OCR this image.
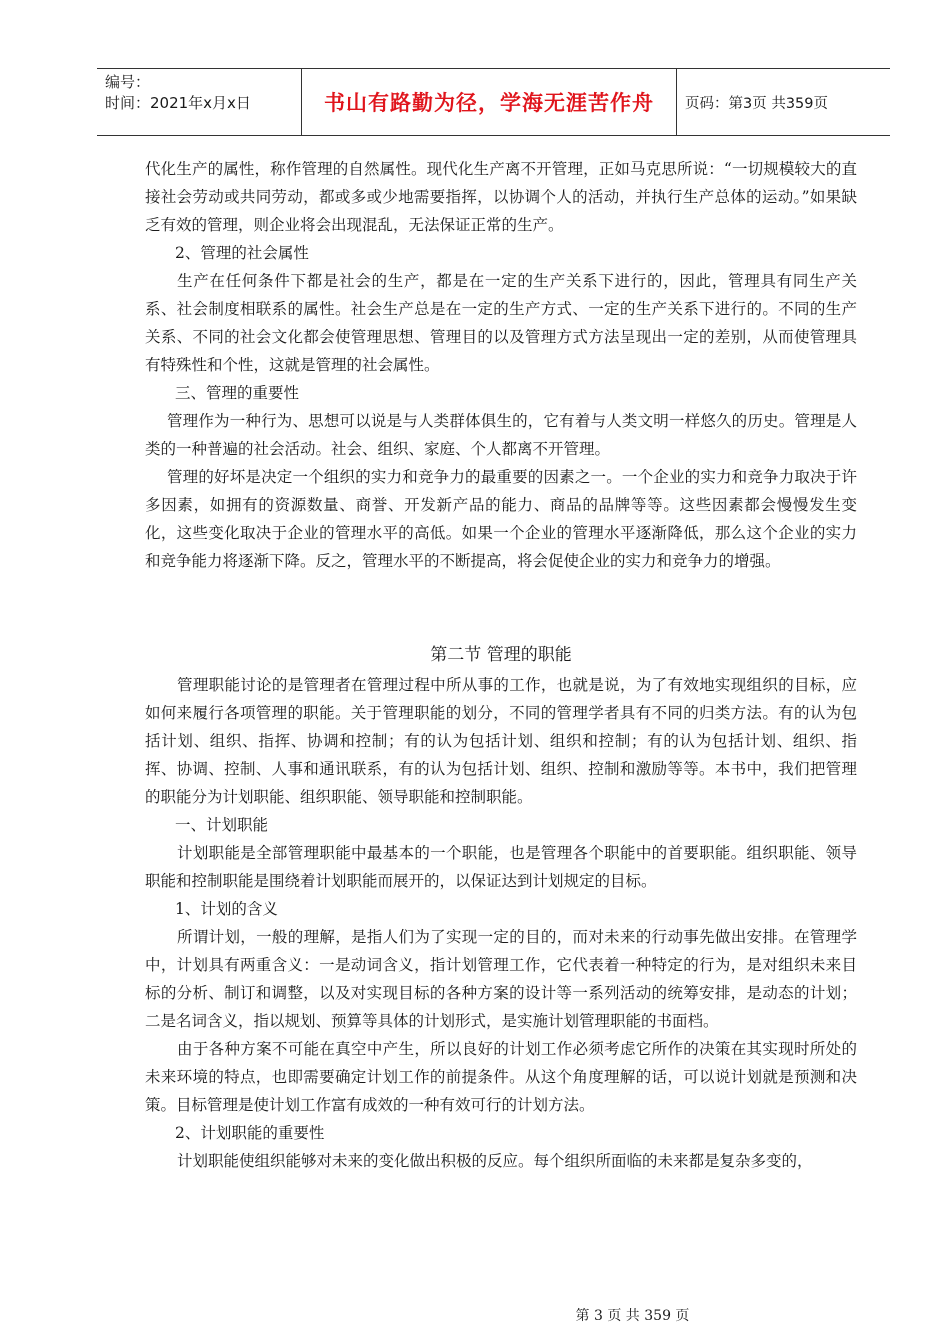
编号：
时间：2021年x月x日	书山有路勤为径，学海无涯苦作舟	页码：第3页 共359页

代化生产的属性，称作管理的自然属性。现代化生产离不开管理，正如马克思所说：“一切规模较大的直接社会劳动或共同劳动，都或多或少地需要指挥，以协调个人的活动，并执行生产总体的运动。”如果缺乏有效的管理，则企业将会出现混乱，无法保证正常的生产。

2、管理的社会属性

生产在任何条件下都是社会的生产，都是在一定的生产关系下进行的，因此，管理具有同生产关系、社会制度相联系的属性。社会生产总是在一定的生产方式、一定的生产关系下进行的。不同的生产关系、不同的社会文化都会使管理思想、管理目的以及管理方式方法呈现出一定的差别，从而使管理具有特殊性和个性，这就是管理的社会属性。

三、管理的重要性

管理作为一种行为、思想可以说是与人类群体俱生的，它有着与人类文明一样悠久的历史。管理是人类的一种普遍的社会活动。社会、组织、家庭、个人都离不开管理。

管理的好坏是决定一个组织的实力和竞争力的最重要的因素之一。一个企业的实力和竞争力取决于许多因素，如拥有的资源数量、商誉、开发新产品的能力、商品的品牌等等。这些因素都会慢慢发生变化，这些变化取决于企业的管理水平的高低。如果一个企业的管理水平逐渐降低，那么这个企业的实力和竞争能力将逐渐下降。反之，管理水平的不断提高，将会促使企业的实力和竞争力的增强。

第二节 管理的职能

管理职能讨论的是管理者在管理过程中所从事的工作，也就是说，为了有效地实现组织的目标，应如何来履行各项管理的职能。关于管理职能的划分，不同的管理学者具有不同的归类方法。有的认为包括计划、组织、指挥、协调和控制；有的认为包括计划、组织和控制；有的认为包括计划、组织、指挥、协调、控制、人事和通讯联系，有的认为包括计划、组织、控制和激励等等。本书中，我们把管理的职能分为计划职能、组织职能、领导职能和控制职能。

一、计划职能

计划职能是全部管理职能中最基本的一个职能，也是管理各个职能中的首要职能。组织职能、领导职能和控制职能是围绕着计划职能而展开的，以保证达到计划规定的目标。

1、计划的含义

所谓计划，一般的理解，是指人们为了实现一定的目的，而对未来的行动事先做出安排。在管理学中，计划具有两重含义：一是动词含义，指计划管理工作，它代表着一种特定的行为，是对组织未来目标的分析、制订和调整，以及对实现目标的各种方案的设计等一系列活动的统筹安排，是动态的计划；二是名词含义，指以规划、预算等具体的计划形式，是实施计划管理职能的书面档。

由于各种方案不可能在真空中产生，所以良好的计划工作必须考虑它所作的决策在其实现时所处的未来环境的特点，也即需要确定计划工作的前提条件。从这个角度理解的话，可以说计划就是预测和决策。目标管理是使计划工作富有成效的一种有效可行的计划方法。

2、计划职能的重要性

计划职能使组织能够对未来的变化做出积极的反应。每个组织所面临的未来都是复杂多变的，

第 3 页 共 359 页
